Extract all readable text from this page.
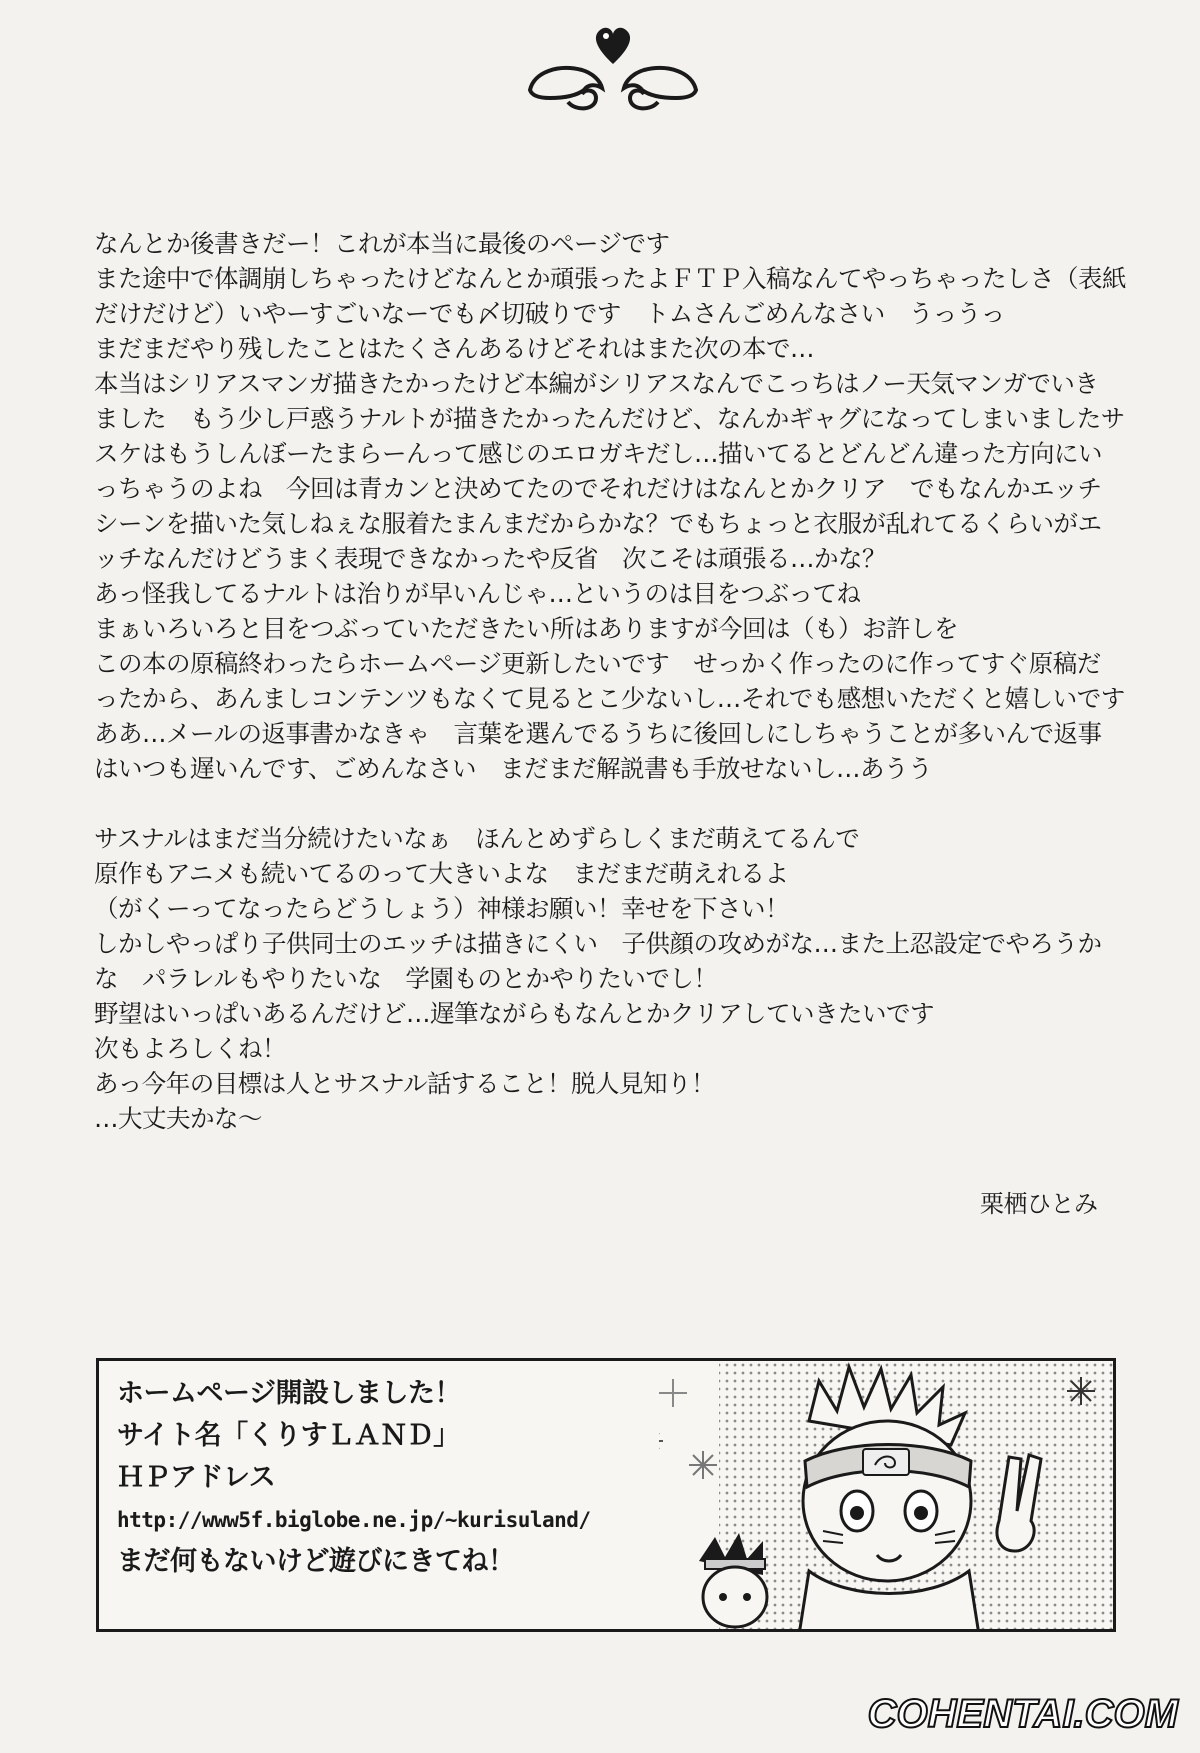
なんとか後書きだー！これが本当に最後のページです
また途中で体調崩しちゃったけどなんとか頑張ったよＦＴＰ入稿なんてやっちゃったしさ（表紙
だけだけど）いやーすごいなーでも〆切破りです　トムさんごめんなさい　うっうっ
まだまだやり残したことはたくさんあるけどそれはまた次の本で…
本当はシリアスマンガ描きたかったけど本編がシリアスなんでこっちはノー天気マンガでいき
ました　もう少し戸惑うナルトが描きたかったんだけど、なんかギャグになってしまいましたサ
スケはもうしんぼーたまらーんって感じのエロガキだし…描いてるとどんどん違った方向にい
っちゃうのよね　今回は青カンと決めてたのでそれだけはなんとかクリア　でもなんかエッチ
シーンを描いた気しねぇな服着たまんまだからかな？でもちょっと衣服が乱れてるくらいがエ
ッチなんだけどうまく表現できなかったや反省　次こそは頑張る…かな？
あっ怪我してるナルトは治りが早いんじゃ…というのは目をつぶってね
まぁいろいろと目をつぶっていただきたい所はありますが今回は（も）お許しを
この本の原稿終わったらホームページ更新したいです　せっかく作ったのに作ってすぐ原稿だ
ったから、あんましコンテンツもなくて見るとこ少ないし…それでも感想いただくと嬉しいです
ああ…メールの返事書かなきゃ　言葉を選んでるうちに後回しにしちゃうことが多いんで返事
はいつも遅いんです、ごめんなさい　まだまだ解説書も手放せないし…あうう
サスナルはまだ当分続けたいなぁ　ほんとめずらしくまだ萌えてるんで
原作もアニメも続いてるのって大きいよな　まだまだ萌えれるよ
（がくーってなったらどうしょう）神様お願い！幸せを下さい！
しかしやっぱり子供同士のエッチは描きにくい　子供顔の攻めがな…また上忍設定でやろうか
な　パラレルもやりたいな　学園ものとかやりたいでし！
野望はいっぱいあるんだけど…遅筆ながらもなんとかクリアしていきたいです
次もよろしくね！
あっ今年の目標は人とサスナル話すること！脱人見知り！
…大丈夫かな～
栗栖ひとみ
ホームページ開設しました！
サイト名「くりすＬＡＮＤ」
ＨＰアドレス
http://www5f.biglobe.ne.jp/~kurisuland/
まだ何もないけど遊びにきてね！
COHENTAI.COM
